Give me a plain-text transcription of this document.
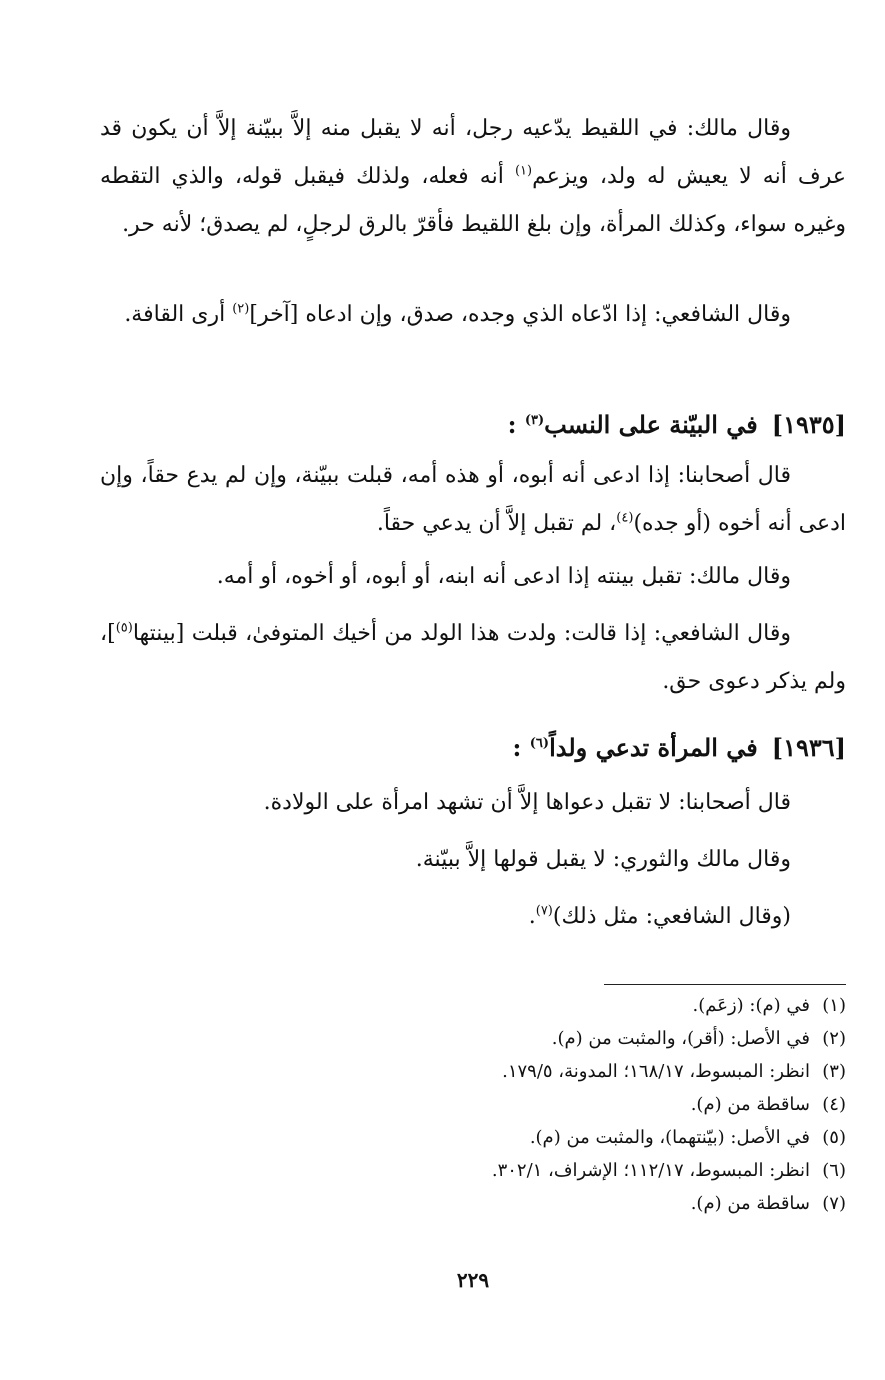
وقال مالك: في اللقيط يدّعيه رجل، أنه لا يقبل منه إلاَّ ببيّنة إلاَّ أن يكون قد عرف أنه لا يعيش له ولد، ويزعم$^{(١)}$ أنه فعله، ولذلك فيقبل قوله، والذي التقطه وغيره سواء، وكذلك المرأة، وإن بلغ اللقيط فأقرّ بالرق لرجلٍ، لم يصدق؛ لأنه حر.

وقال الشافعي: إذا ادّعاه الذي وجده، صدق، وإن ادعاه [آخر]$^{(٢)}$ أرى القافة.

[١٩٣٥]في البيّنة على النسب$^{(٣)}$ :

قال أصحابنا: إذا ادعى أنه أبوه، أو هذه أمه، قبلت ببيّنة، وإن لم يدع حقاً، وإن ادعى أنه أخوه (أو جده)$^{(٤)}$، لم تقبل إلاَّ أن يدعي حقاً.

وقال مالك: تقبل بينته إذا ادعى أنه ابنه، أو أبوه، أو أخوه، أو أمه.

وقال الشافعي: إذا قالت: ولدت هذا الولد من أخيك المتوفىٰ، قبلت [بينتها$^{(٥)}$]، ولم يذكر دعوى حق.

[١٩٣٦]في المرأة تدعي ولداً$^{(٦)}$ :

قال أصحابنا: لا تقبل دعواها إلاَّ أن تشهد امرأة على الولادة.

وقال مالك والثوري: لا يقبل قولها إلاَّ ببيّنة.

(وقال الشافعي: مثل ذلك)$^{(٧)}$.

(١)في (م): (زعَم).
(٢)في الأصل: (أقر)، والمثبت من (م).
(٣)انظر: المبسوط، ١٦٨/١٧؛ المدونة، ١٧٩/٥.
(٤)ساقطة من (م).
(٥)في الأصل: (بيّنتهما)، والمثبت من (م).
(٦)انظر: المبسوط، ١١٢/١٧؛ الإشراف، ٣٠٢/١.
(٧)ساقطة من (م).
٢٢٩
